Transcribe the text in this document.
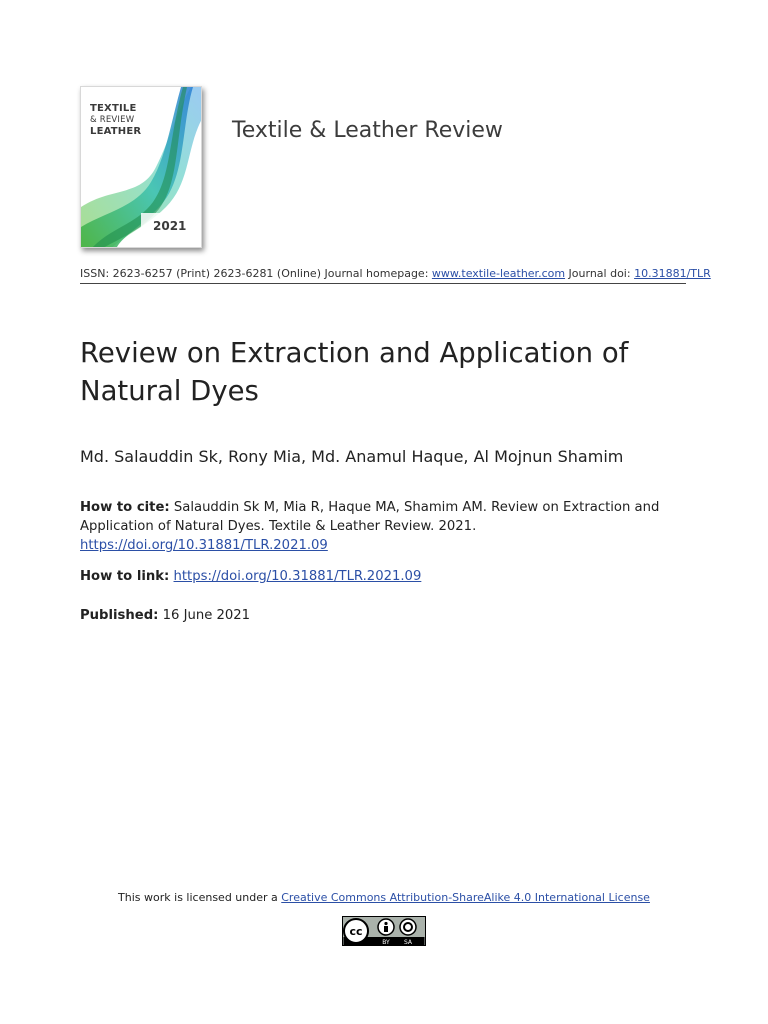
TEXTILE
& REVIEW
LEATHER
2021
Textile & Leather Review
ISSN: 2623-6257 (Print) 2623-6281 (Online) Journal homepage: www.textile-leather.com Journal doi: 10.31881/TLR
Review on Extraction and Application of Natural Dyes
Md. Salauddin Sk, Rony Mia, Md. Anamul Haque, Al Mojnun Shamim
How to cite: Salauddin Sk M, Mia R, Haque MA, Shamim AM. Review on Extraction and Application of Natural Dyes. Textile & Leather Review. 2021. https://doi.org/10.31881/TLR.2021.09
How to link: https://doi.org/10.31881/TLR.2021.09
Published: 16 June 2021
This work is licensed under a Creative Commons Attribution-ShareAlike 4.0 International License
cc
BY SA
